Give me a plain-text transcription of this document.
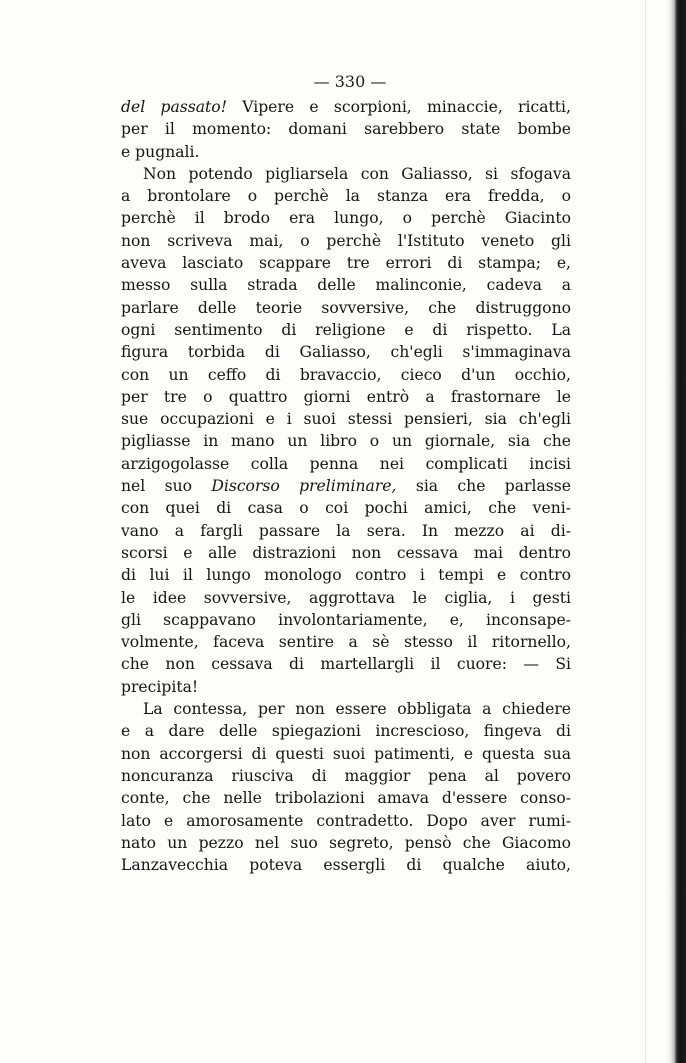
— 330 —
del passato! Vipere e scorpioni, minaccie, ricatti,
per il momento: domani sarebbero state bombe
e pugnali.
Non potendo pigliarsela con Galiasso, si sfogava
a brontolare o perchè la stanza era fredda, o
perchè il brodo era lungo, o perchè Giacinto
non scriveva mai, o perchè l'Istituto veneto gli
aveva lasciato scappare tre errori di stampa; e,
messo sulla strada delle malinconie, cadeva a
parlare delle teorie sovversive, che distruggono
ogni sentimento di religione e di rispetto. La
figura torbida di Galiasso, ch'egli s'immaginava
con un ceffo di bravaccio, cieco d'un occhio,
per tre o quattro giorni entrò a frastornare le
sue occupazioni e i suoi stessi pensieri, sia ch'egli
pigliasse in mano un libro o un giornale, sia che
arzigogolasse colla penna nei complicati incisi
nel suo Discorso preliminare, sia che parlasse
con quei di casa o coi pochi amici, che veni-
vano a fargli passare la sera. In mezzo ai di-
scorsi e alle distrazioni non cessava mai dentro
di lui il lungo monologo contro i tempi e contro
le idee sovversive, aggrottava le ciglia, i gesti
gli scappavano involontariamente, e, inconsape-
volmente, faceva sentire a sè stesso il ritornello,
che non cessava di martellargli il cuore: — Si
precipita!
La contessa, per non essere obbligata a chiedere
e a dare delle spiegazioni increscioso, fingeva di
non accorgersi di questi suoi patimenti, e questa sua
noncuranza riusciva di maggior pena al povero
conte, che nelle tribolazioni amava d'essere conso-
lato e amorosamente contradetto. Dopo aver rumi-
nato un pezzo nel suo segreto, pensò che Giacomo
Lanzavecchia poteva essergli di qualche aiuto,
